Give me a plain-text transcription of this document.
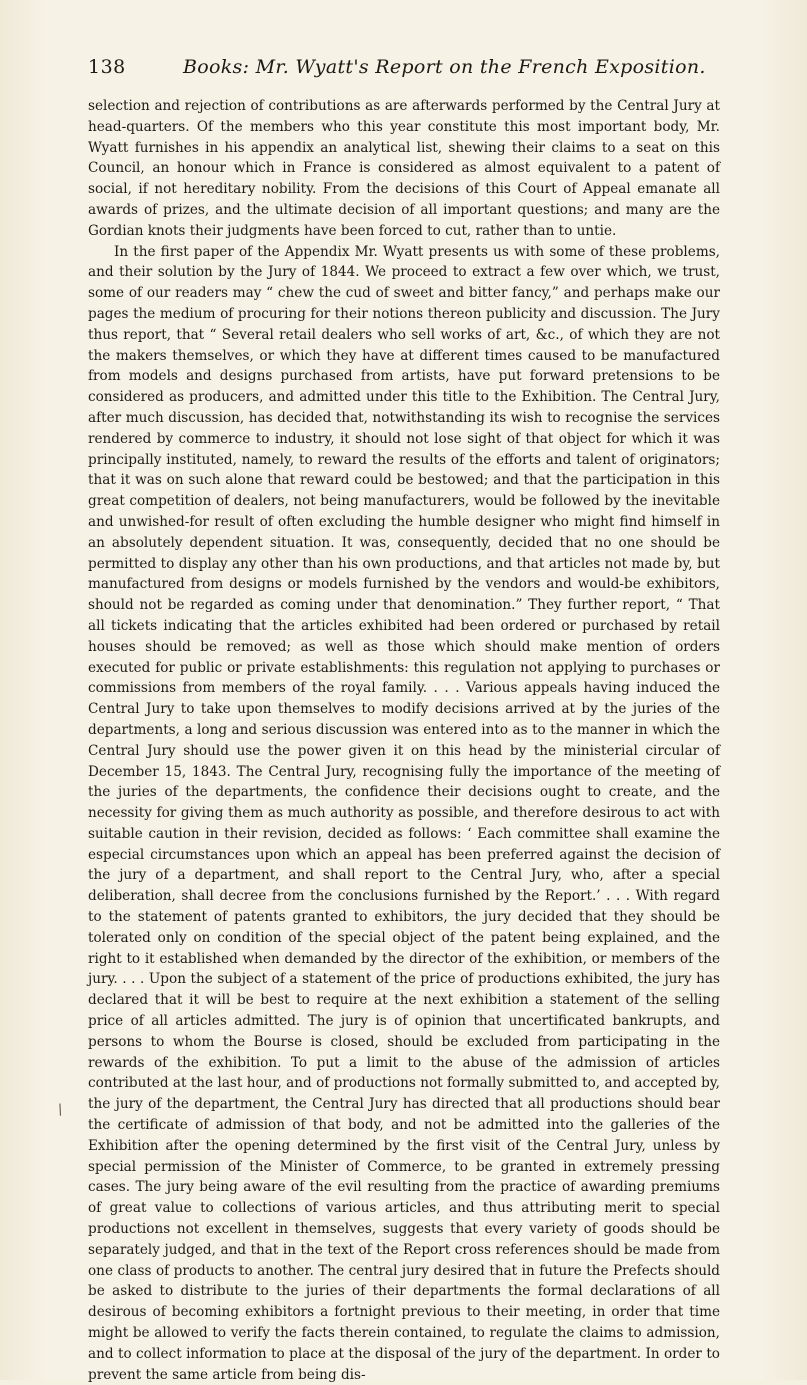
138	Books: Mr. Wyatt's Report on the French Exposition.

selection and rejection of contributions as are afterwards performed by the Central Jury at head-quarters. Of the members who this year constitute this most important body, Mr. Wyatt furnishes in his appendix an analytical list, shewing their claims to a seat on this Council, an honour which in France is considered as almost equivalent to a patent of social, if not hereditary nobility. From the decisions of this Court of Appeal emanate all awards of prizes, and the ultimate decision of all important questions; and many are the Gordian knots their judgments have been forced to cut, rather than to untie.

In the first paper of the Appendix Mr. Wyatt presents us with some of these problems, and their solution by the Jury of 1844. We proceed to extract a few over which, we trust, some of our readers may “ chew the cud of sweet and bitter fancy,” and perhaps make our pages the medium of procuring for their notions thereon publicity and discussion. The Jury thus report, that “ Several retail dealers who sell works of art, &c., of which they are not the makers themselves, or which they have at different times caused to be manufactured from models and designs purchased from artists, have put forward pretensions to be considered as producers, and admitted under this title to the Exhibition. The Central Jury, after much discussion, has decided that, notwithstanding its wish to recognise the services rendered by commerce to industry, it should not lose sight of that object for which it was principally instituted, namely, to reward the results of the efforts and talent of originators; that it was on such alone that reward could be bestowed; and that the participation in this great competition of dealers, not being manufacturers, would be followed by the inevitable and unwished-for result of often excluding the humble designer who might find himself in an absolutely dependent situation. It was, consequently, decided that no one should be permitted to display any other than his own productions, and that articles not made by, but manufactured from designs or models furnished by the vendors and would-be exhibitors, should not be regarded as coming under that denomination.” They further report, “ That all tickets indicating that the articles exhibited had been ordered or purchased by retail houses should be removed; as well as those which should make mention of orders executed for public or private establishments: this regulation not applying to purchases or commissions from members of the royal family. . . . Various appeals having induced the Central Jury to take upon themselves to modify decisions arrived at by the juries of the departments, a long and serious discussion was entered into as to the manner in which the Central Jury should use the power given it on this head by the ministerial circular of December 15, 1843. The Central Jury, recognising fully the importance of the meeting of the juries of the departments, the confidence their decisions ought to create, and the necessity for giving them as much authority as possible, and therefore desirous to act with suitable caution in their revision, decided as follows: ‘ Each committee shall examine the especial circumstances upon which an appeal has been preferred against the decision of the jury of a department, and shall report to the Central Jury, who, after a special deliberation, shall decree from the conclusions furnished by the Report.’ . . . With regard to the statement of patents granted to exhibitors, the jury decided that they should be tolerated only on condition of the special object of the patent being explained, and the right to it established when demanded by the director of the exhibition, or members of the jury. . . . Upon the subject of a statement of the price of productions exhibited, the jury has declared that it will be best to require at the next exhibition a statement of the selling price of all articles admitted. The jury is of opinion that uncertificated bankrupts, and persons to whom the Bourse is closed, should be excluded from participating in the rewards of the exhibition. To put a limit to the abuse of the admission of articles contributed at the last hour, and of productions not formally submitted to, and accepted by, the jury of the department, the Central Jury has directed that all productions should bear the certificate of admission of that body, and not be admitted into the galleries of the Exhibition after the opening determined by the first visit of the Central Jury, unless by special permission of the Minister of Commerce, to be granted in extremely pressing cases. The jury being aware of the evil resulting from the practice of awarding premiums of great value to collections of various articles, and thus attributing merit to special productions not excellent in themselves, suggests that every variety of goods should be separately judged, and that in the text of the Report cross references should be made from one class of products to another. The central jury desired that in future the Prefects should be asked to distribute to the juries of their departments the formal declarations of all desirous of becoming exhibitors a fortnight previous to their meeting, in order that time might be allowed to verify the facts therein contained, to regulate the claims to admission, and to collect information to place at the disposal of the jury of the department. In order to prevent the same article from being dis-

/
